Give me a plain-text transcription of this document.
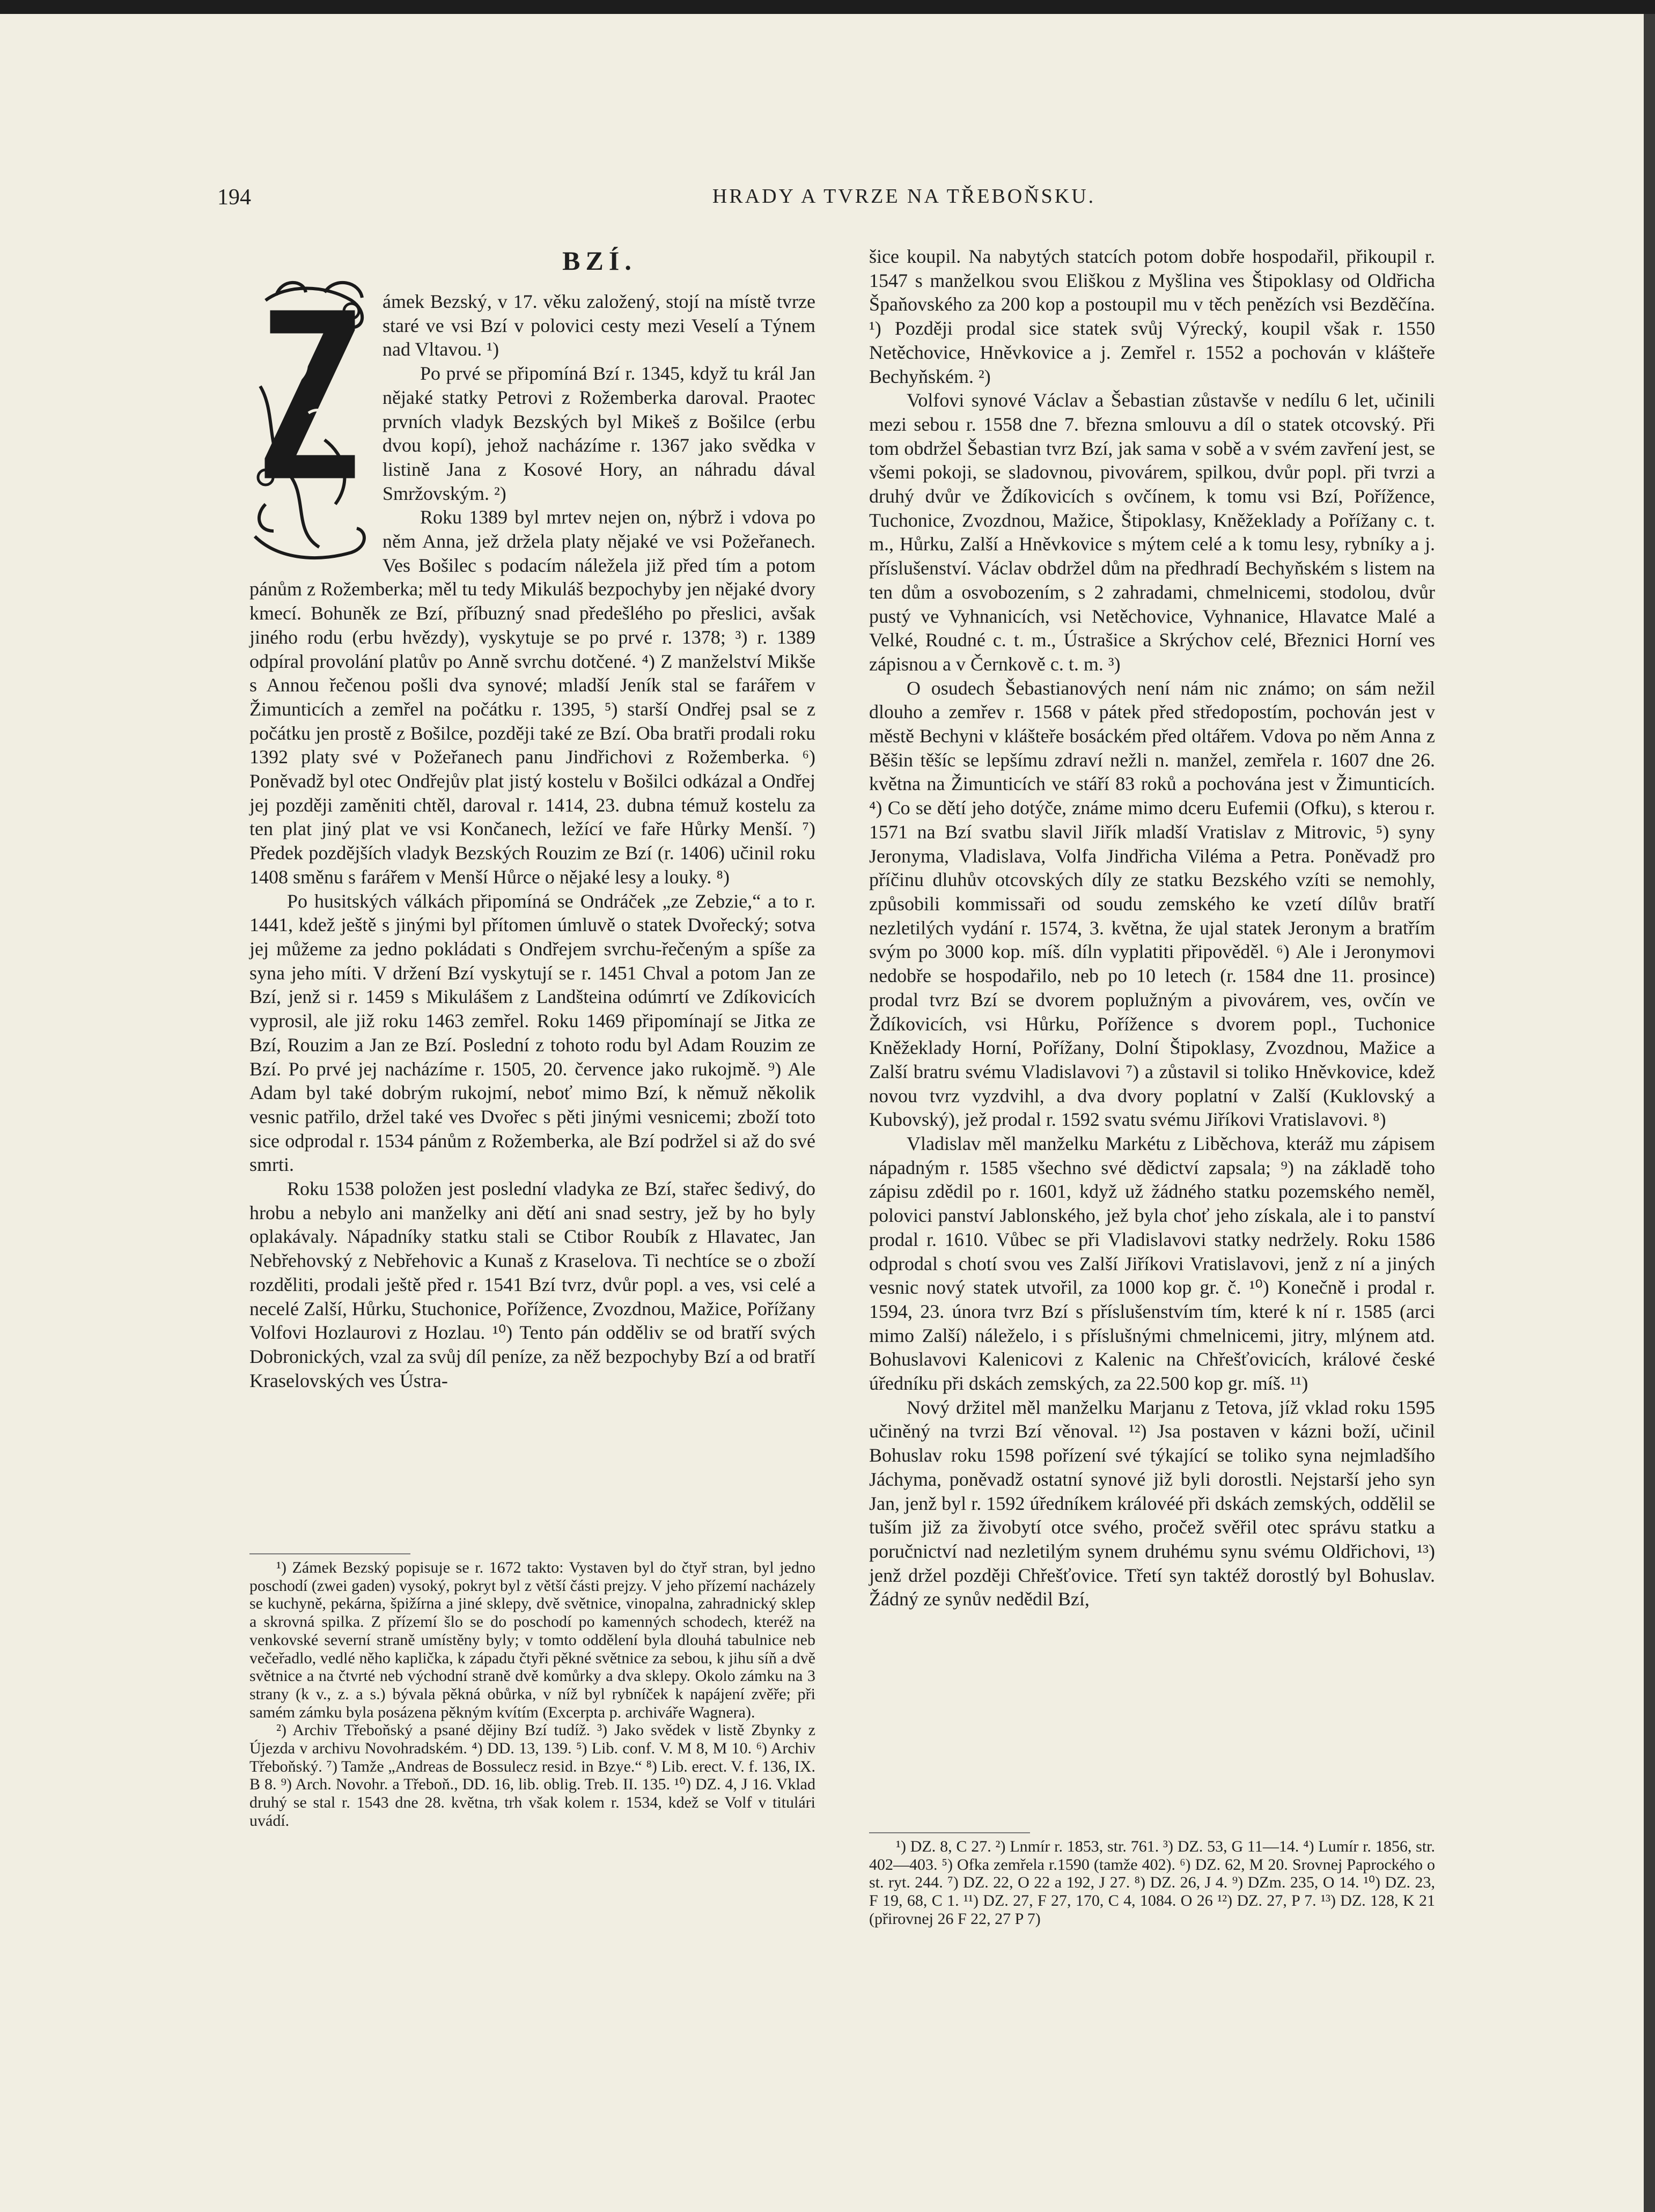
194	HRADY A TVRZE NA TŘEBOŇSKU.
BZÍ.

ámek Bezský, v 17. věku založený, stojí na místě tvrze staré ve vsi Bzí v polovici cesty mezi Veselí a Týnem nad Vltavou. ¹)

Po prvé se připomíná Bzí r. 1345, když tu král Jan nějaké statky Petrovi z Rožemberka daroval. Praotec prvních vladyk Bezských byl Mikeš z Bošilce (erbu dvou kopí), jehož nacházíme r. 1367 jako svědka v listině Jana z Kosové Hory, an náhradu dával Smržovským. ²)

Roku 1389 byl mrtev nejen on, nýbrž i vdova po něm Anna, jež držela platy nějaké ve vsi Požeřanech. Ves Bošilec s podacím náležela již před tím a potom pánům z Rožemberka; měl tu tedy Mikuláš bezpochyby jen nějaké dvory kmecí. Bohuněk ze Bzí, příbuzný snad předešlého po přeslici, avšak jiného rodu (erbu hvězdy), vyskytuje se po prvé r. 1378; ³) r. 1389 odpíral provolání platův po Anně svrchu dotčené. ⁴) Z manželství Mikše s Annou řečenou pošli dva synové; mladší Jeník stal se farářem v Žimunticích a zemřel na počátku r. 1395, ⁵) starší Ondřej psal se z počátku jen prostě z Bošilce, později také ze Bzí. Oba bratři prodali roku 1392 platy své v Požeřanech panu Jindřichovi z Rožemberka. ⁶) Poněvadž byl otec Ondřejův plat jistý kostelu v Bošilci odkázal a Ondřej jej později zaměniti chtěl, daroval r. 1414, 23. dubna témuž kostelu za ten plat jiný plat ve vsi Končanech, ležící ve faře Hůrky Menší. ⁷) Předek pozdějších vladyk Bezských Rouzim ze Bzí (r. 1406) učinil roku 1408 směnu s farářem v Menší Hůrce o nějaké lesy a louky. ⁸)

Po husitských válkách připomíná se Ondráček „ze Zebzie,“ a to r. 1441, kdež ještě s jinými byl přítomen úmluvě o statek Dvořecký; sotva jej můžeme za jedno pokládati s Ondřejem svrchu-řečeným a spíše za syna jeho míti. V držení Bzí vyskytují se r. 1451 Chval a potom Jan ze Bzí, jenž si r. 1459 s Mikulášem z Landšteina odúmrtí ve Zdíkovicích vyprosil, ale již roku 1463 zemřel. Roku 1469 připomínají se Jitka ze Bzí, Rouzim a Jan ze Bzí. Poslední z tohoto rodu byl Adam Rouzim ze Bzí. Po prvé jej nacházíme r. 1505, 20. července jako rukojmě. ⁹) Ale Adam byl také dobrým rukojmí, neboť mimo Bzí, k němuž několik vesnic patřilo, držel také ves Dvořec s pěti jinými vesnicemi; zboží toto sice odprodal r. 1534 pánům z Rožemberka, ale Bzí podržel si až do své smrti.

Roku 1538 položen jest poslední vladyka ze Bzí, stařec šedivý, do hrobu a nebylo ani manželky ani dětí ani snad sestry, jež by ho byly oplakávaly. Nápadníky statku stali se Ctibor Roubík z Hlavatec, Jan Nebřehovský z Nebřehovic a Kunaš z Kraselova. Ti nechtíce se o zboží rozděliti, prodali ještě před r. 1541 Bzí tvrz, dvůr popl. a ves, vsi celé a necelé Zalší, Hůrku, Stuchonice, Pořížence, Zvozdnou, Mažice, Pořížany Volfovi Hozlaurovi z Hozlau. ¹⁰) Tento pán odděliv se od bratří svých Dobronických, vzal za svůj díl peníze, za něž bezpochyby Bzí a od bratří Kraselovských ves Ústra-

šice koupil. Na nabytých statcích potom dobře hospodařil, přikoupil r. 1547 s manželkou svou Eliškou z Myšlina ves Štipoklasy od Oldřicha Špaňovského za 200 kop a postoupil mu v těch penězích vsi Bezděčína. ¹) Později prodal sice statek svůj Výrecký, koupil však r. 1550 Netěchovice, Hněvkovice a j. Zemřel r. 1552 a pochován v klášteře Bechyňském. ²)

Volfovi synové Václav a Šebastian zůstavše v nedílu 6 let, učinili mezi sebou r. 1558 dne 7. března smlouvu a díl o statek otcovský. Při tom obdržel Šebastian tvrz Bzí, jak sama v sobě a v svém zavření jest, se všemi pokoji, se sladovnou, pivovárem, spilkou, dvůr popl. při tvrzi a druhý dvůr ve Ždíkovicích s ovčínem, k tomu vsi Bzí, Pořížence, Tuchonice, Zvozdnou, Mažice, Štipoklasy, Kněžeklady a Pořížany c. t. m., Hůrku, Zalší a Hněvkovice s mýtem celé a k tomu lesy, rybníky a j. příslušenství. Václav obdržel dům na předhradí Bechyňském s listem na ten dům a osvobozením, s 2 zahradami, chmelnicemi, stodolou, dvůr pustý ve Vyhnanicích, vsi Netěchovice, Vyhnanice, Hlavatce Malé a Velké, Roudné c. t. m., Ústrašice a Skrýchov celé, Březnici Horní ves zápisnou a v Černkově c. t. m. ³)

O osudech Šebastianových není nám nic známo; on sám nežil dlouho a zemřev r. 1568 v pátek před středopostím, pochován jest v městě Bechyni v klášteře bosáckém před oltářem. Vdova po něm Anna z Běšin těšíc se lepšímu zdraví nežli n. manžel, zemřela r. 1607 dne 26. května na Žimunticích ve stáří 83 roků a pochována jest v Žimunticích. ⁴) Co se dětí jeho dotýče, známe mimo dceru Eufemii (Ofku), s kterou r. 1571 na Bzí svatbu slavil Jiřík mladší Vratislav z Mitrovic, ⁵) syny Jeronyma, Vladislava, Volfa Jindřicha Viléma a Petra. Poněvadž pro příčinu dluhův otcovských díly ze statku Bezského vzíti se nemohly, způsobili kommissaři od soudu zemského ke vzetí dílův bratří nezletilých vydání r. 1574, 3. května, že ujal statek Jeronym a bratřím svým po 3000 kop. míš. díln vyplatiti připověděl. ⁶) Ale i Jeronymovi nedobře se hospodařilo, neb po 10 letech (r. 1584 dne 11. prosince) prodal tvrz Bzí se dvorem poplužným a pivovárem, ves, ovčín ve Ždíkovicích, vsi Hůrku, Pořížence s dvorem popl., Tuchonice Kněžeklady Horní, Pořížany, Dolní Štipoklasy, Zvozdnou, Mažice a Zalší bratru svému Vladislavovi ⁷) a zůstavil si toliko Hněvkovice, kdež novou tvrz vyzdvihl, a dva dvory poplatní v Zalší (Kuklovský a Kubovský), jež prodal r. 1592 svatu svému Jiříkovi Vratislavovi. ⁸)

Vladislav měl manželku Markétu z Liběchova, kteráž mu zápisem nápadným r. 1585 všechno své dědictví zapsala; ⁹) na základě toho zápisu zdědil po r. 1601, když už žádného statku pozemského neměl, polovici panství Jablonského, jež byla choť jeho získala, ale i to panství prodal r. 1610. Vůbec se při Vladislavovi statky nedržely. Roku 1586 odprodal s chotí svou ves Zalší Jiříkovi Vratislavovi, jenž z ní a jiných vesnic nový statek utvořil, za 1000 kop gr. č. ¹⁰) Konečně i prodal r. 1594, 23. února tvrz Bzí s příslušenstvím tím, které k ní r. 1585 (arci mimo Zalší) náleželo, i s příslušnými chmelnicemi, jitry, mlýnem atd. Bohuslavovi Kalenicovi z Kalenic na Chřešťovicích, králové české úředníku při dskách zemských, za 22.500 kop gr. míš. ¹¹)

Nový držitel měl manželku Marjanu z Tetova, jíž vklad roku 1595 učiněný na tvrzi Bzí věnoval. ¹²) Jsa postaven v kázni boží, učinil Bohuslav roku 1598 pořízení své týkající se toliko syna nejmladšího Jáchyma, poněvadž ostatní synové již byli dorostli. Nejstarší jeho syn Jan, jenž byl r. 1592 úředníkem královéé při dskách zemských, oddělil se tuším již za živobytí otce svého, pročež svěřil otec správu statku a poručnictví nad nezletilým synem druhému synu svému Oldřichovi, ¹³) jenž držel později Chřešťovice. Třetí syn taktéž dorostlý byl Bohuslav. Žádný ze synův nedědil Bzí,

¹) Zámek Bezský popisuje se r. 1672 takto: Vystaven byl do čtyř stran, byl jedno poschodí (zwei gaden) vysoký, pokryt byl z větší části prejzy. V jeho přízemí nacházely se kuchyně, pekárna, špižírna a jiné sklepy, dvě světnice, vinopalna, zahradnický sklep a skrovná spilka. Z přízemí šlo se do poschodí po kamenných schodech, kteréž na venkovské severní straně umístěny byly; v tomto oddělení byla dlouhá tabulnice neb večeřadlo, vedlé něho kaplička, k západu čtyři pěkné světnice za sebou, k jihu síň a dvě světnice a na čtvrté neb východní straně dvě komůrky a dva sklepy. Okolo zámku na 3 strany (k v., z. a s.) bývala pěkná obůrka, v níž byl rybníček k napájení zvěře; při samém zámku byla posázena pěkným kvítím (Excerpta p. archiváře Wagnera).

²) Archiv Třeboňský a psané dějiny Bzí tudíž. ³) Jako svědek v listě Zbynky z Újezda v archivu Novohradském. ⁴) DD. 13, 139. ⁵) Lib. conf. V. M 8, M 10. ⁶) Archiv Třeboňský. ⁷) Tamže „Andreas de Bossulecz resid. in Bzye.“ ⁸) Lib. erect. V. f. 136, IX. B 8. ⁹) Arch. Novohr. a Třeboň., DD. 16, lib. oblig. Treb. II. 135. ¹⁰) DZ. 4, J 16. Vklad druhý se stal r. 1543 dne 28. května, trh však kolem r. 1534, kdež se Volf v titulári uvádí.

¹) DZ. 8, C 27. ²) Lnmír r. 1853, str. 761. ³) DZ. 53, G 11—14. ⁴) Lumír r. 1856, str. 402—403. ⁵) Ofka zemřela r.1590 (tamže 402). ⁶) DZ. 62, M 20. Srovnej Paprockého o st. ryt. 244. ⁷) DZ. 22, O 22 a 192, J 27. ⁸) DZ. 26, J 4. ⁹) DZm. 235, O 14. ¹⁰) DZ. 23, F 19, 68, C 1. ¹¹) DZ. 27, F 27, 170, C 4, 1084. O 26 ¹²) DZ. 27, P 7. ¹³) DZ. 128, K 21 (přirovnej 26 F 22, 27 P 7)
